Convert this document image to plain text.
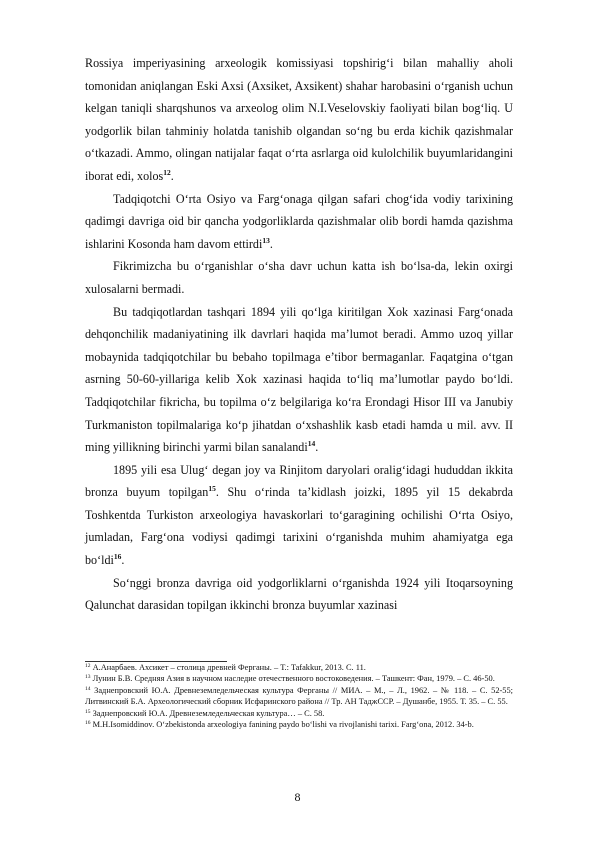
Rossiya imperiyasining arxeologik komissiyasi topshirig‘i bilan mahalliy aholi tomonidan aniqlangan Eski Axsi (Axsiket, Axsikent) shahar harobasini o‘rganish uchun kelgan taniqli sharqshunos va arxeolog olim N.I.Veselovskiy faoliyati bilan bog‘liq. U yodgorlik bilan tahminiy holatda tanishib olgandan so‘ng bu erda kichik qazishmalar o‘tkazadi. Ammo, olingan natijalar faqat o‘rta asrlarga oid kulolchilik buyumlaridangini iborat edi, xolos$^{12}$.

Tadqiqotchi O‘rta Osiyo va Farg‘onaga qilgan safari chog‘ida vodiy tarixining qadimgi davriga oid bir qancha yodgorliklarda qazishmalar olib bordi hamda qazishma ishlarini Kosonda ham davom ettirdi$^{13}$.

Fikrimizcha bu o‘rganishlar o‘sha davr uchun katta ish bo‘lsa-da, lekin oxirgi xulosalarni bermadi.

Bu tadqiqotlardan tashqari 1894 yili qo‘lga kiritilgan Xok xazinasi Farg‘onada dehqonchilik madaniyatining ilk davrlari haqida ma’lumot beradi. Ammo uzoq yillar mobaynida tadqiqotchilar bu bebaho topilmaga e’tibor bermaganlar. Faqatgina o‘tgan asrning 50-60-yillariga kelib Xok xazinasi haqida to‘liq ma’lumotlar paydo bo‘ldi. Tadqiqotchilar fikricha, bu topilma o‘z belgilariga ko‘ra Erondagi Hisor III va Janubiy Turkmaniston topilmalariga ko‘p jihatdan o‘xshashlik kasb etadi hamda u mil. avv. II ming yillikning birinchi yarmi bilan sanalandi$^{14}$.

1895 yili esa Ulug‘ degan joy va Rinjitom daryolari oralig‘idagi hududdan ikkita bronza buyum topilgan$^{15}$. Shu o‘rinda ta’kidlash joizki, 1895 yil 15 dekabrda Toshkentda Turkiston arxeologiya havaskorlari to‘garagining ochilishi O‘rta Osiyo, jumladan, Farg‘ona vodiysi qadimgi tarixini o‘rganishda muhim ahamiyatga ega bo‘ldi$^{16}$.

So‘nggi bronza davriga oid yodgorliklarni o‘rganishda 1924 yili Itoqarsoyning Qalunchat darasidan topilgan ikkinchi bronza buyumlar xazinasi

$^{12}$ А.Анарбаев. Ахсикет – столица древней Ферганы. – Т.: Tafakkur, 2013. С. 11.

$^{13}$ Лунин Б.В. Средняя Азия в научном наследие отечественного востоковедения. – Ташкент: Фан, 1979. – С. 46-50.

$^{14}$ Заднепровский Ю.А. Древнеземледельческая культура Ферганы // МИА. – М., – Л., 1962. – № 118. – С. 52-55; Литвинский Б.А. Археологический сборник Исфаринского района // Тр. АН ТаджССР. – Душанбе, 1955. Т. 35. – С. 55.

$^{15}$ Заднепровский Ю.А. Древнеземледельческая культура… – С. 58.

$^{16}$ M.H.Isomiddinov. O‘zbekistonda arxeologiya fanining paydo bo‘lishi va rivojlanishi tarixi. Farg‘ona, 2012. 34-b.

8
